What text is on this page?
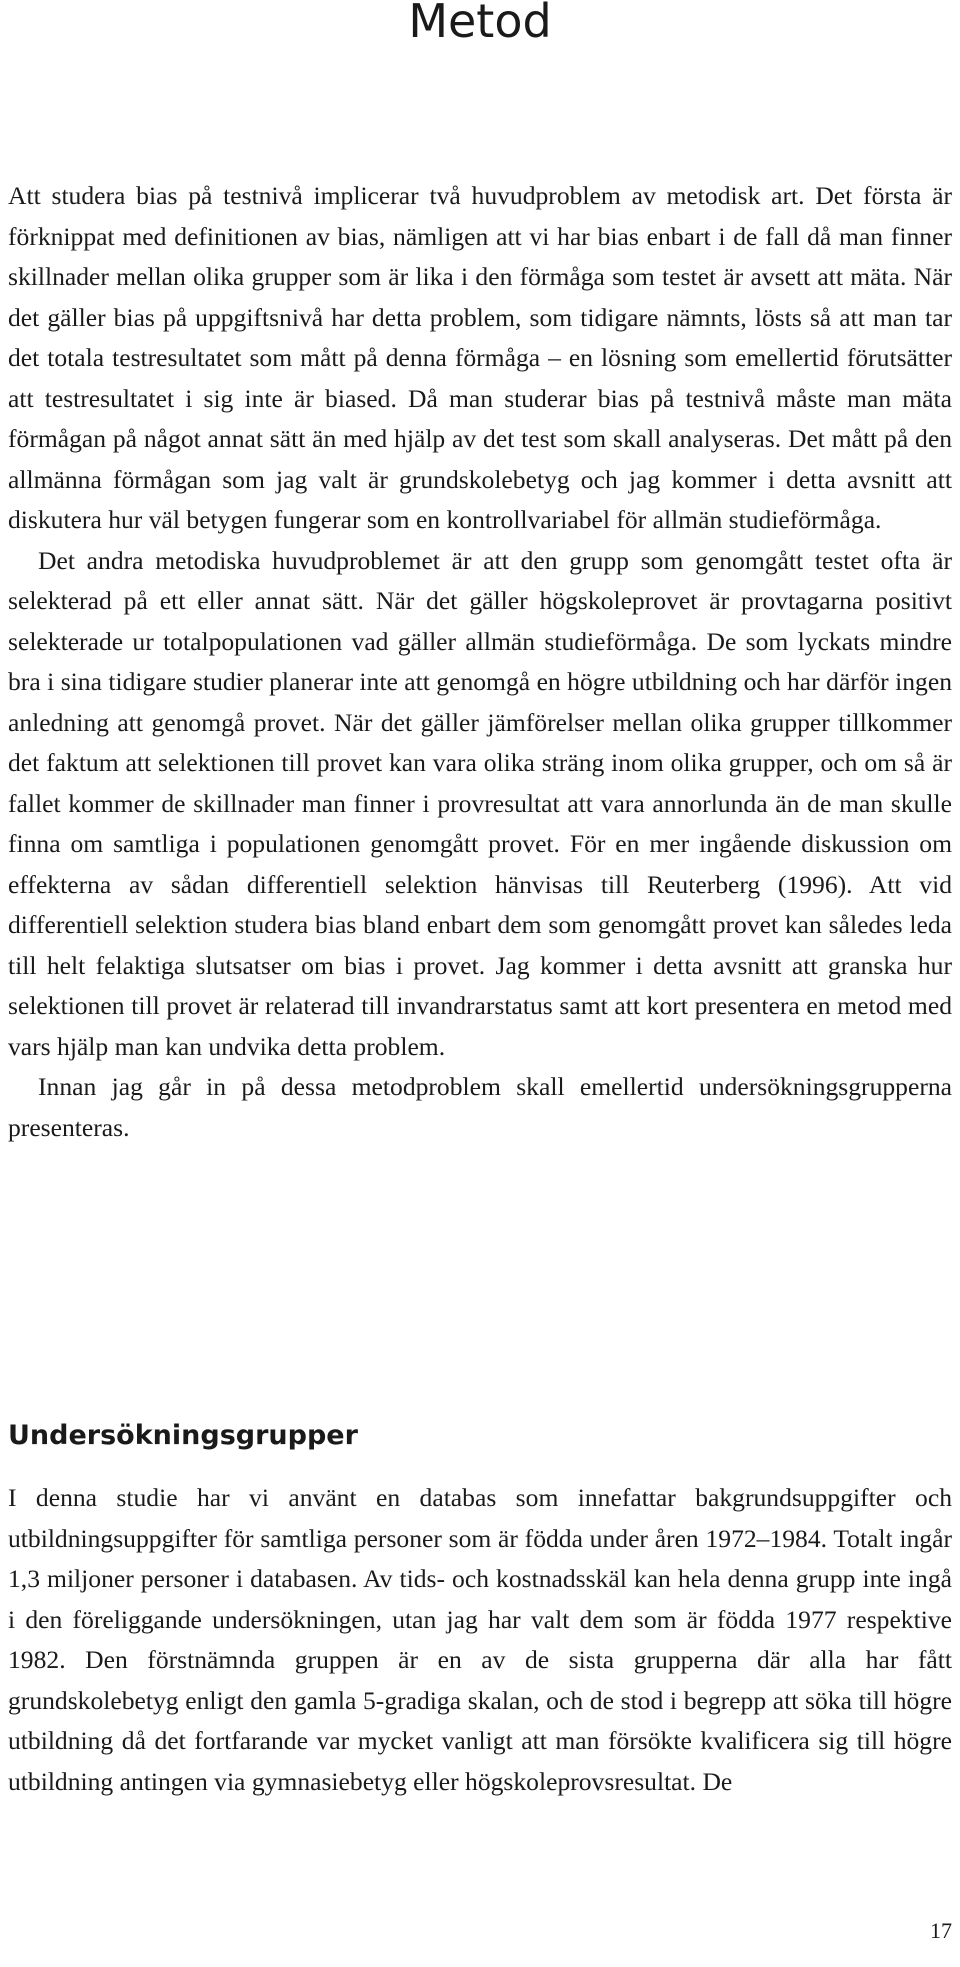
Metod

Att studera bias på testnivå implicerar två huvudproblem av metodisk art. Det första är förknippat med definitionen av bias, nämligen att vi har bias enbart i de fall då man finner skillnader mellan olika grupper som är lika i den förmåga som testet är avsett att mäta. När det gäller bias på uppgiftsnivå har detta problem, som tidigare nämnts, lösts så att man tar det totala testresultatet som mått på denna förmåga – en lösning som emellertid förutsätter att testresultatet i sig inte är biased. Då man studerar bias på testnivå måste man mäta förmågan på något annat sätt än med hjälp av det test som skall analyseras. Det mått på den allmänna förmågan som jag valt är grundskolebetyg och jag kommer i detta avsnitt att diskutera hur väl betygen fungerar som en kontrollvariabel för allmän studieförmåga.

Det andra metodiska huvudproblemet är att den grupp som genomgått testet ofta är selekterad på ett eller annat sätt. När det gäller högskoleprovet är provtagarna positivt selekterade ur totalpopulationen vad gäller allmän studieförmåga. De som lyckats mindre bra i sina tidigare studier planerar inte att genomgå en högre utbildning och har därför ingen anledning att genomgå provet. När det gäller jämförelser mellan olika grupper tillkommer det faktum att selektionen till provet kan vara olika sträng inom olika grupper, och om så är fallet kommer de skillnader man finner i provresultat att vara annorlunda än de man skulle finna om samtliga i populationen genomgått provet. För en mer ingående diskussion om effekterna av sådan differentiell selektion hänvisas till Reuterberg (1996). Att vid differentiell selektion studera bias bland enbart dem som genomgått provet kan således leda till helt felaktiga slutsatser om bias i provet. Jag kommer i detta avsnitt att granska hur selektionen till provet är relaterad till invandrarstatus samt att kort presentera en metod med vars hjälp man kan undvika detta problem.

Innan jag går in på dessa metodproblem skall emellertid undersökningsgrupperna presenteras.

Undersökningsgrupper

I denna studie har vi använt en databas som innefattar bakgrundsuppgifter och utbildningsuppgifter för samtliga personer som är födda under åren 1972–1984. Totalt ingår 1,3 miljoner personer i databasen. Av tids- och kostnadsskäl kan hela denna grupp inte ingå i den föreliggande undersökningen, utan jag har valt dem som är födda 1977 respektive 1982. Den förstnämnda gruppen är en av de sista grupperna där alla har fått grundskolebetyg enligt den gamla 5-gradiga skalan, och de stod i begrepp att söka till högre utbildning då det fortfarande var mycket vanligt att man försökte kvalificera sig till högre utbildning antingen via gymnasiebetyg eller högskoleprovsresultat. De

17
